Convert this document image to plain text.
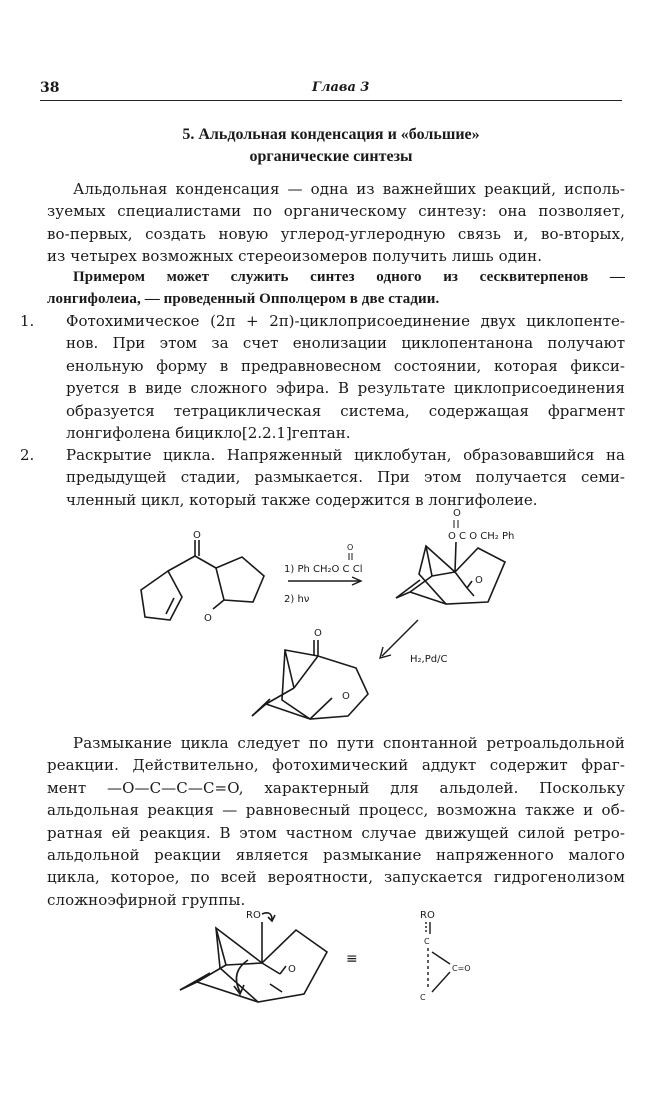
38	Глава 3
5. Альдольная конденсация и «большие»
органические синтезы
Альдольная конденсация — одна из важнейших реакций, исполь-
зуемых специалистами по органическому синтезу: она позволяет,
во-первых, создать новую углерод-углеродную связь и, во-вторых,
из четырех возможных стереоизомеров получить лишь один.
Примером может служить синтез одного из сесквитерпенов —
лонгифолеиа, — проведенный Опполцером в две стадии.
1. Фотохимическое (2π + 2π)-циклоприсоединение двух циклопенте-
нов. При этом за счет енолизации циклопентанона получают
енольную форму в предравновесном состоянии, которая фикси-
руется в виде сложного эфира. В результате циклоприсоединения
образуется тетрациклическая система, содержащая фрагмент
лонгифолена бицикло[2.2.1]гептан.
2. Раскрытие цикла. Напряженный циклобутан, образовавшийся на
предыдущей стадии, размыкается. При этом получается семи-
членный цикл, который также содержится в лонгифолеие.
O
O
O
1) Ph CH₂O C Cl
2) hν
O
O C O CH₂ Ph
O
H₂,Pd/C
O
O
Размыкание цикла следует по пути спонтанной ретроальдольной
реакции. Действительно, фотохимический аддукт содержит фраг-
мент —O—C—C—C=O, характерный для альдолей. Поскольку
альдольная реакция — равновесный процесс, возможна также и об-
ратная ей реакция. В этом частном случае движущей силой ретро-
альдольной реакции является размыкание напряженного малого
цикла, которое, по всей вероятности, запускается гидрогенолизом
сложноэфирной группы.
RO
O
≡
RO
C
C=O
C
